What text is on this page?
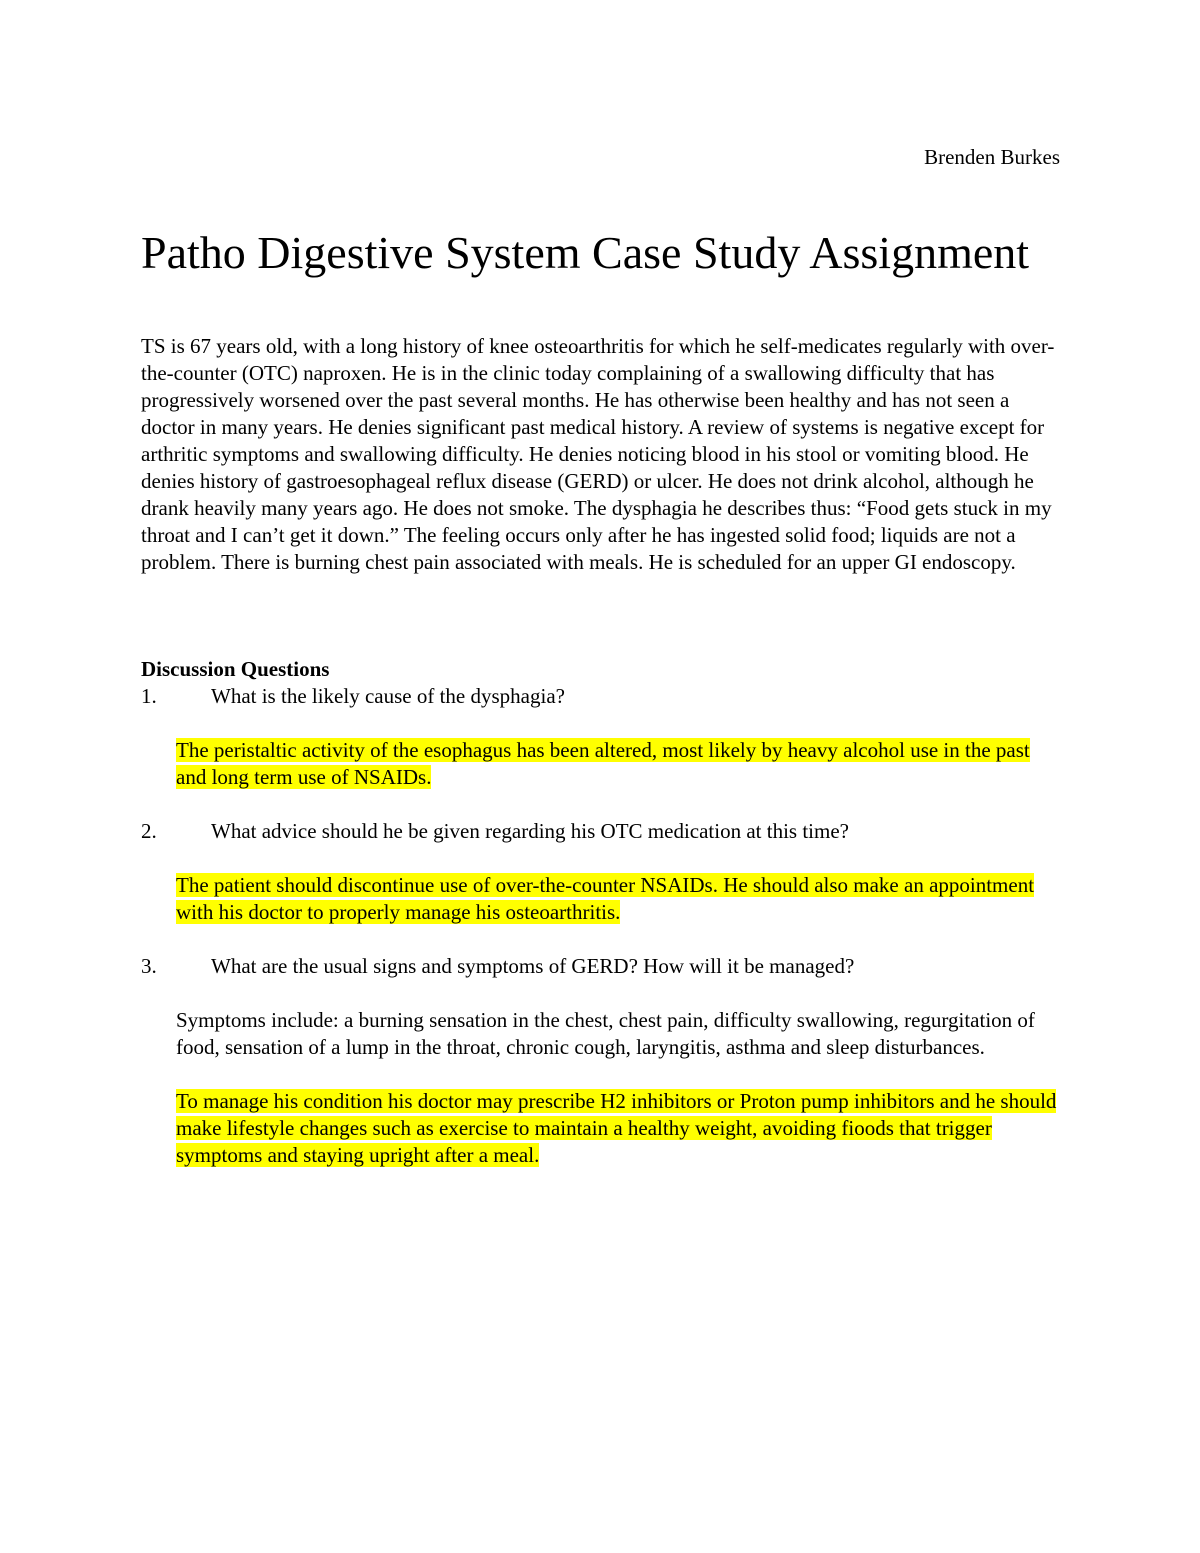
Brenden Burkes
Patho Digestive System Case Study Assignment

TS is 67 years old, with a long history of knee osteoarthritis for which he self-medicates regularly with over-the-counter (OTC) naproxen. He is in the clinic today complaining of a swallowing difficulty that has progressively worsened over the past several months. He has otherwise been healthy and has not seen a doctor in many years. He denies significant past medical history. A review of systems is negative except for arthritic symptoms and swallowing difficulty. He denies noticing blood in his stool or vomiting blood. He denies history of gastroesophageal reflux disease (GERD) or ulcer. He does not drink alcohol, although he drank heavily many years ago. He does not smoke. The dysphagia he describes thus: “Food gets stuck in my throat and I can’t get it down.” The feeling occurs only after he has ingested solid food; liquids are not a problem. There is burning chest pain associated with meals. He is scheduled for an upper GI endoscopy.

Discussion Questions

1.	What is the likely cause of the dysphagia?

The peristaltic activity of the esophagus has been altered, most likely by heavy alcohol use in the past and long term use of NSAIDs.

2.	What advice should he be given regarding his OTC medication at this time?

The patient should discontinue use of over-the-counter NSAIDs. He should also make an appointment with his doctor to properly manage his osteoarthritis.

3.	What are the usual signs and symptoms of GERD? How will it be managed?

Symptoms include: a burning sensation in the chest, chest pain, difficulty swallowing, regurgitation of food, sensation of a lump in the throat, chronic cough, laryngitis, asthma and sleep disturbances.

To manage his condition his doctor may prescribe H2 inhibitors or Proton pump inhibitors and he should make lifestyle changes such as exercise to maintain a healthy weight, avoiding fioods that trigger symptoms and staying upright after a meal.
